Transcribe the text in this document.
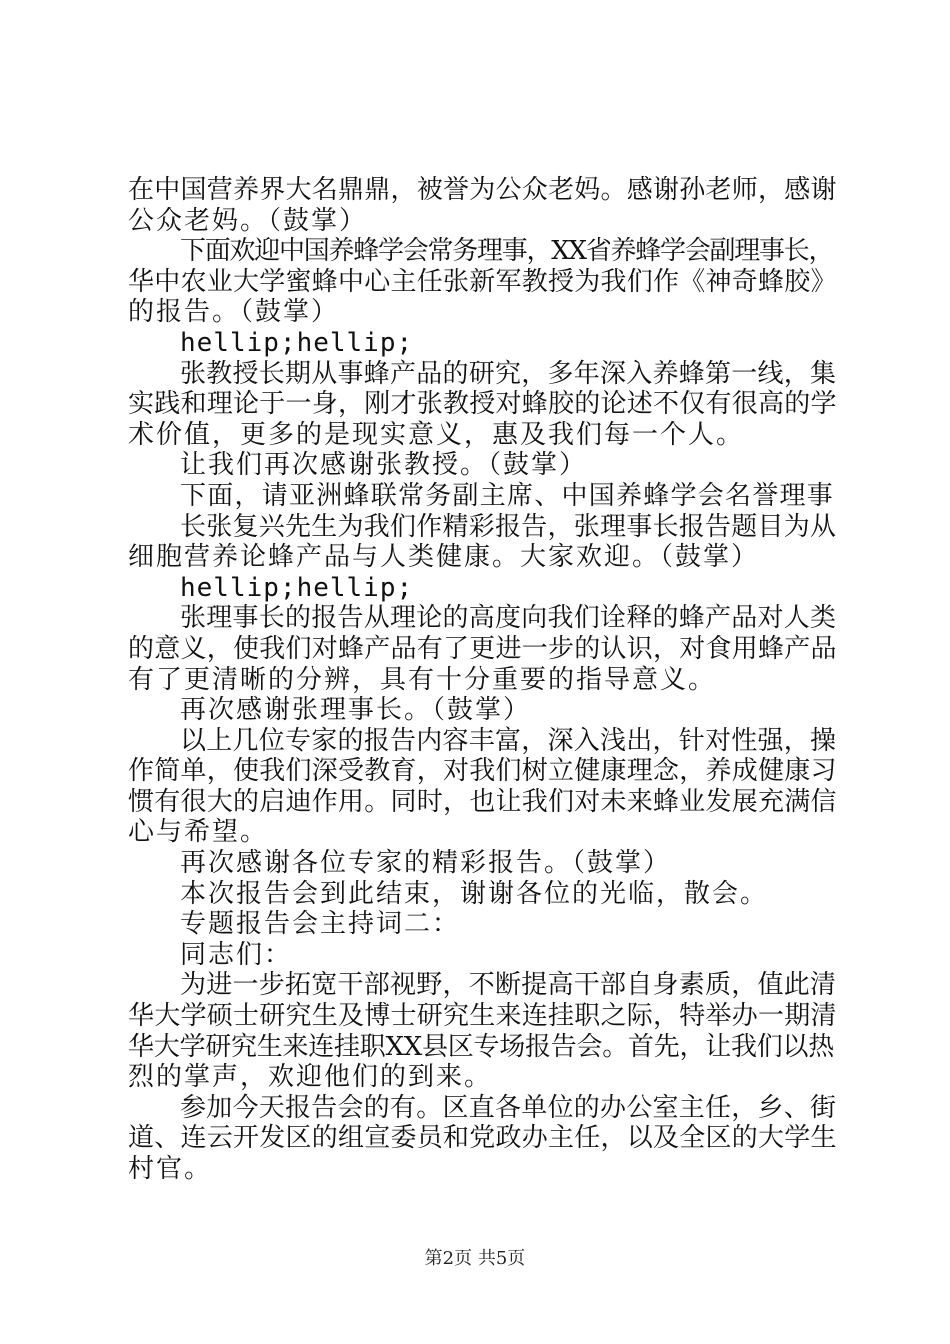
在中国营养界大名鼎鼎，被誉为公众老妈。感谢孙老师，感谢
公众老妈。（鼓掌）
下面欢迎中国养蜂学会常务理事，XX省养蜂学会副理事长，
华中农业大学蜜蜂中心主任张新军教授为我们作《神奇蜂胶》
的报告。（鼓掌）
hellip;hellip;
张教授长期从事蜂产品的研究，多年深入养蜂第一线，集
实践和理论于一身，刚才张教授对蜂胶的论述不仅有很高的学
术价值，更多的是现实意义，惠及我们每一个人。
让我们再次感谢张教授。（鼓掌）
下面，请亚洲蜂联常务副主席、中国养蜂学会名誉理事
长张复兴先生为我们作精彩报告，张理事长报告题目为从
细胞营养论蜂产品与人类健康。大家欢迎。（鼓掌）
hellip;hellip;
张理事长的报告从理论的高度向我们诠释的蜂产品对人类
的意义，使我们对蜂产品有了更进一步的认识，对食用蜂产品
有了更清晰的分辨，具有十分重要的指导意义。
再次感谢张理事长。（鼓掌）
以上几位专家的报告内容丰富，深入浅出，针对性强，操
作简单，使我们深受教育，对我们树立健康理念，养成健康习
惯有很大的启迪作用。同时，也让我们对未来蜂业发展充满信
心与希望。
再次感谢各位专家的精彩报告。（鼓掌）
本次报告会到此结束，谢谢各位的光临，散会。
专题报告会主持词二：
同志们：
为进一步拓宽干部视野，不断提高干部自身素质，值此清
华大学硕士研究生及博士研究生来连挂职之际，特举办一期清
华大学研究生来连挂职XX县区专场报告会。首先，让我们以热
烈的掌声，欢迎他们的到来。
参加今天报告会的有。区直各单位的办公室主任，乡、街
道、连云开发区的组宣委员和党政办主任，以及全区的大学生
村官。
第2页 共5页
